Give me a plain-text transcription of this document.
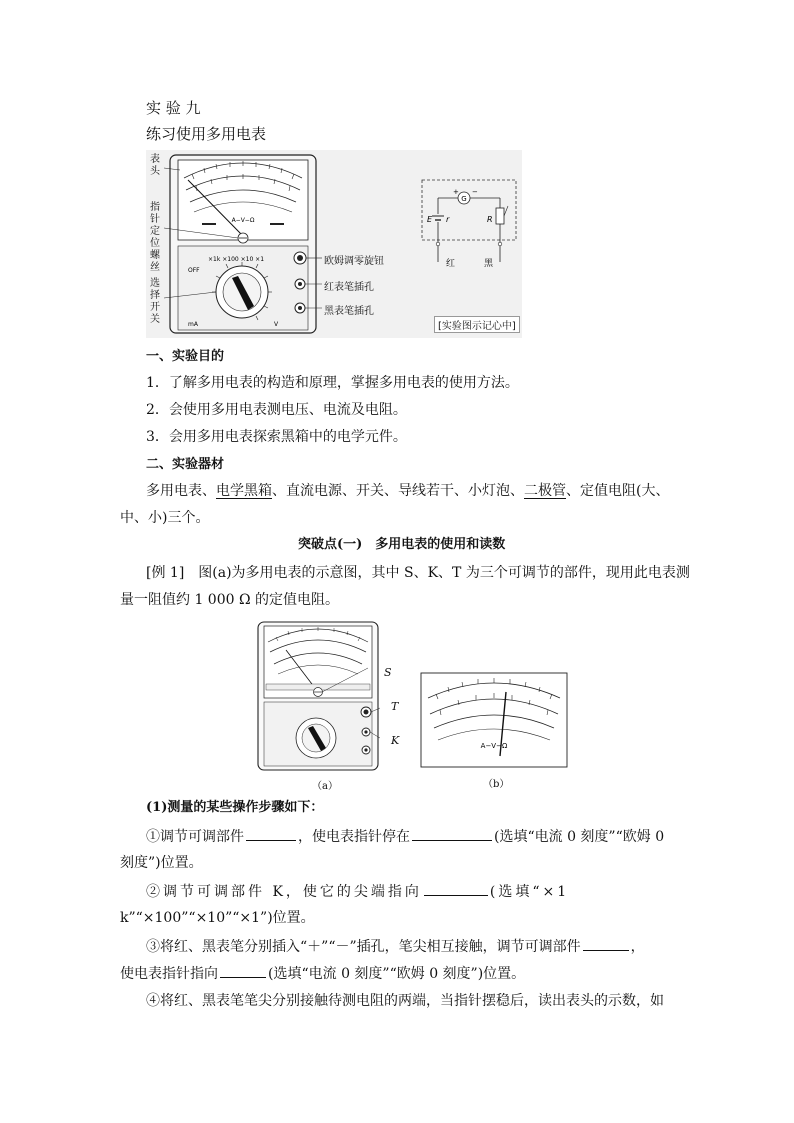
实 验 九
练习使用多用电表
A−V−Ω
×1k ×100 ×10 ×1
OFF
mA	V
G
+ −
E r	R
红	黑
表头
指针定位螺丝
选择开关
欧姆调零旋钮
红表笔插孔
黑表笔插孔
[实验图示记心中]
一、实验目的
1．了解多用电表的构造和原理，掌握多用电表的使用方法。
2．会使用多用电表测电压、电流及电阻。
3．会用多用电表探索黑箱中的电学元件。
二、实验器材
多用电表、电学黑箱、直流电源、开关、导线若干、小灯泡、二极管、定值电阻(大、
中、小)三个。
突破点(一)　多用电表的使用和读数
[例 1]　图(a)为多用电表的示意图，其中 S、K、T 为三个可调节的部件，现用此电表测
量一阻值约 1 000 Ω 的定值电阻。
S
T
K
（a）
A−V−Ω
（b）
(1)测量的某些操作步骤如下：
①调节可调部件	，使电表指针停在	(选填“电流 0 刻度”“欧姆 0
刻度”)位置。
②调节可调部件 K，使它的尖端指向	(选填“×1
k”“×100”“×10”“×1”)位置。
③将红、黑表笔分别插入“＋”“－”插孔，笔尖相互接触，调节可调部件	，
使电表指针指向	(选填“电流 0 刻度”“欧姆 0 刻度”)位置。
④将红、黑表笔笔尖分别接触待测电阻的两端，当指针摆稳后，读出表头的示数，如
